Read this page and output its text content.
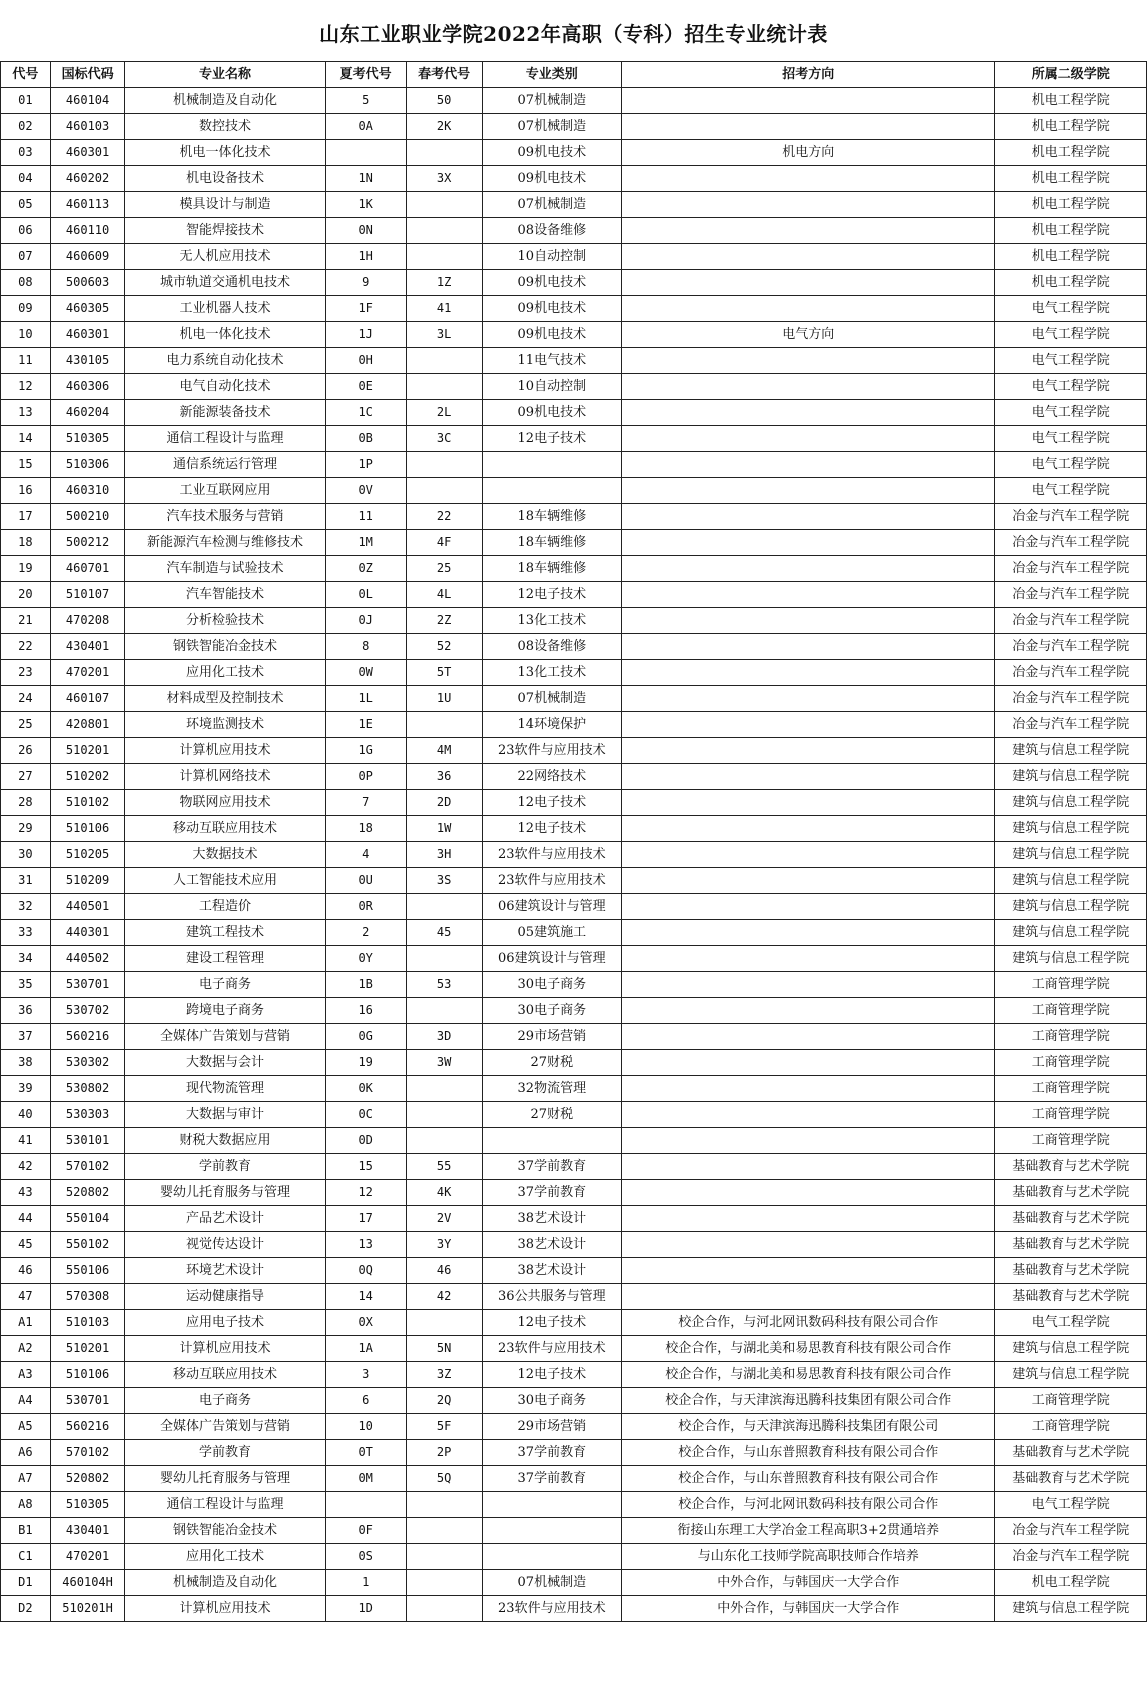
山东工业职业学院2022年高职（专科）招生专业统计表
代号	国标代码	专业名称	夏考代号	春考代号	专业类别	招考方向	所属二级学院
01	460104	机械制造及自动化	5	50	07机械制造		机电工程学院
02	460103	数控技术	0A	2K	07机械制造		机电工程学院
03	460301	机电一体化技术			09机电技术	机电方向	机电工程学院
04	460202	机电设备技术	1N	3X	09机电技术		机电工程学院
05	460113	模具设计与制造	1K		07机械制造		机电工程学院
06	460110	智能焊接技术	0N		08设备维修		机电工程学院
07	460609	无人机应用技术	1H		10自动控制		机电工程学院
08	500603	城市轨道交通机电技术	9	1Z	09机电技术		机电工程学院
09	460305	工业机器人技术	1F	41	09机电技术		电气工程学院
10	460301	机电一体化技术	1J	3L	09机电技术	电气方向	电气工程学院
11	430105	电力系统自动化技术	0H		11电气技术		电气工程学院
12	460306	电气自动化技术	0E		10自动控制		电气工程学院
13	460204	新能源装备技术	1C	2L	09机电技术		电气工程学院
14	510305	通信工程设计与监理	0B	3C	12电子技术		电气工程学院
15	510306	通信系统运行管理	1P				电气工程学院
16	460310	工业互联网应用	0V				电气工程学院
17	500210	汽车技术服务与营销	11	22	18车辆维修		冶金与汽车工程学院
18	500212	新能源汽车检测与维修技术	1M	4F	18车辆维修		冶金与汽车工程学院
19	460701	汽车制造与试验技术	0Z	25	18车辆维修		冶金与汽车工程学院
20	510107	汽车智能技术	0L	4L	12电子技术		冶金与汽车工程学院
21	470208	分析检验技术	0J	2Z	13化工技术		冶金与汽车工程学院
22	430401	钢铁智能冶金技术	8	52	08设备维修		冶金与汽车工程学院
23	470201	应用化工技术	0W	5T	13化工技术		冶金与汽车工程学院
24	460107	材料成型及控制技术	1L	1U	07机械制造		冶金与汽车工程学院
25	420801	环境监测技术	1E		14环境保护		冶金与汽车工程学院
26	510201	计算机应用技术	1G	4M	23软件与应用技术		建筑与信息工程学院
27	510202	计算机网络技术	0P	36	22网络技术		建筑与信息工程学院
28	510102	物联网应用技术	7	2D	12电子技术		建筑与信息工程学院
29	510106	移动互联应用技术	18	1W	12电子技术		建筑与信息工程学院
30	510205	大数据技术	4	3H	23软件与应用技术		建筑与信息工程学院
31	510209	人工智能技术应用	0U	3S	23软件与应用技术		建筑与信息工程学院
32	440501	工程造价	0R		06建筑设计与管理		建筑与信息工程学院
33	440301	建筑工程技术	2	45	05建筑施工		建筑与信息工程学院
34	440502	建设工程管理	0Y		06建筑设计与管理		建筑与信息工程学院
35	530701	电子商务	1B	53	30电子商务		工商管理学院
36	530702	跨境电子商务	16		30电子商务		工商管理学院
37	560216	全媒体广告策划与营销	0G	3D	29市场营销		工商管理学院
38	530302	大数据与会计	19	3W	27财税		工商管理学院
39	530802	现代物流管理	0K		32物流管理		工商管理学院
40	530303	大数据与审计	0C		27财税		工商管理学院
41	530101	财税大数据应用	0D				工商管理学院
42	570102	学前教育	15	55	37学前教育		基础教育与艺术学院
43	520802	婴幼儿托育服务与管理	12	4K	37学前教育		基础教育与艺术学院
44	550104	产品艺术设计	17	2V	38艺术设计		基础教育与艺术学院
45	550102	视觉传达设计	13	3Y	38艺术设计		基础教育与艺术学院
46	550106	环境艺术设计	0Q	46	38艺术设计		基础教育与艺术学院
47	570308	运动健康指导	14	42	36公共服务与管理		基础教育与艺术学院
A1	510103	应用电子技术	0X		12电子技术	校企合作，与河北网讯数码科技有限公司合作	电气工程学院
A2	510201	计算机应用技术	1A	5N	23软件与应用技术	校企合作，与湖北美和易思教育科技有限公司合作	建筑与信息工程学院
A3	510106	移动互联应用技术	3	3Z	12电子技术	校企合作，与湖北美和易思教育科技有限公司合作	建筑与信息工程学院
A4	530701	电子商务	6	2Q	30电子商务	校企合作，与天津滨海迅腾科技集团有限公司合作	工商管理学院
A5	560216	全媒体广告策划与营销	10	5F	29市场营销	校企合作，与天津滨海迅腾科技集团有限公司	工商管理学院
A6	570102	学前教育	0T	2P	37学前教育	校企合作，与山东普照教育科技有限公司合作	基础教育与艺术学院
A7	520802	婴幼儿托育服务与管理	0M	5Q	37学前教育	校企合作，与山东普照教育科技有限公司合作	基础教育与艺术学院
A8	510305	通信工程设计与监理				校企合作，与河北网讯数码科技有限公司合作	电气工程学院
B1	430401	钢铁智能冶金技术	0F			衔接山东理工大学冶金工程高职3+2贯通培养	冶金与汽车工程学院
C1	470201	应用化工技术	0S			与山东化工技师学院高职技师合作培养	冶金与汽车工程学院
D1	460104H	机械制造及自动化	1		07机械制造	中外合作，与韩国庆一大学合作	机电工程学院
D2	510201H	计算机应用技术	1D		23软件与应用技术	中外合作，与韩国庆一大学合作	建筑与信息工程学院
